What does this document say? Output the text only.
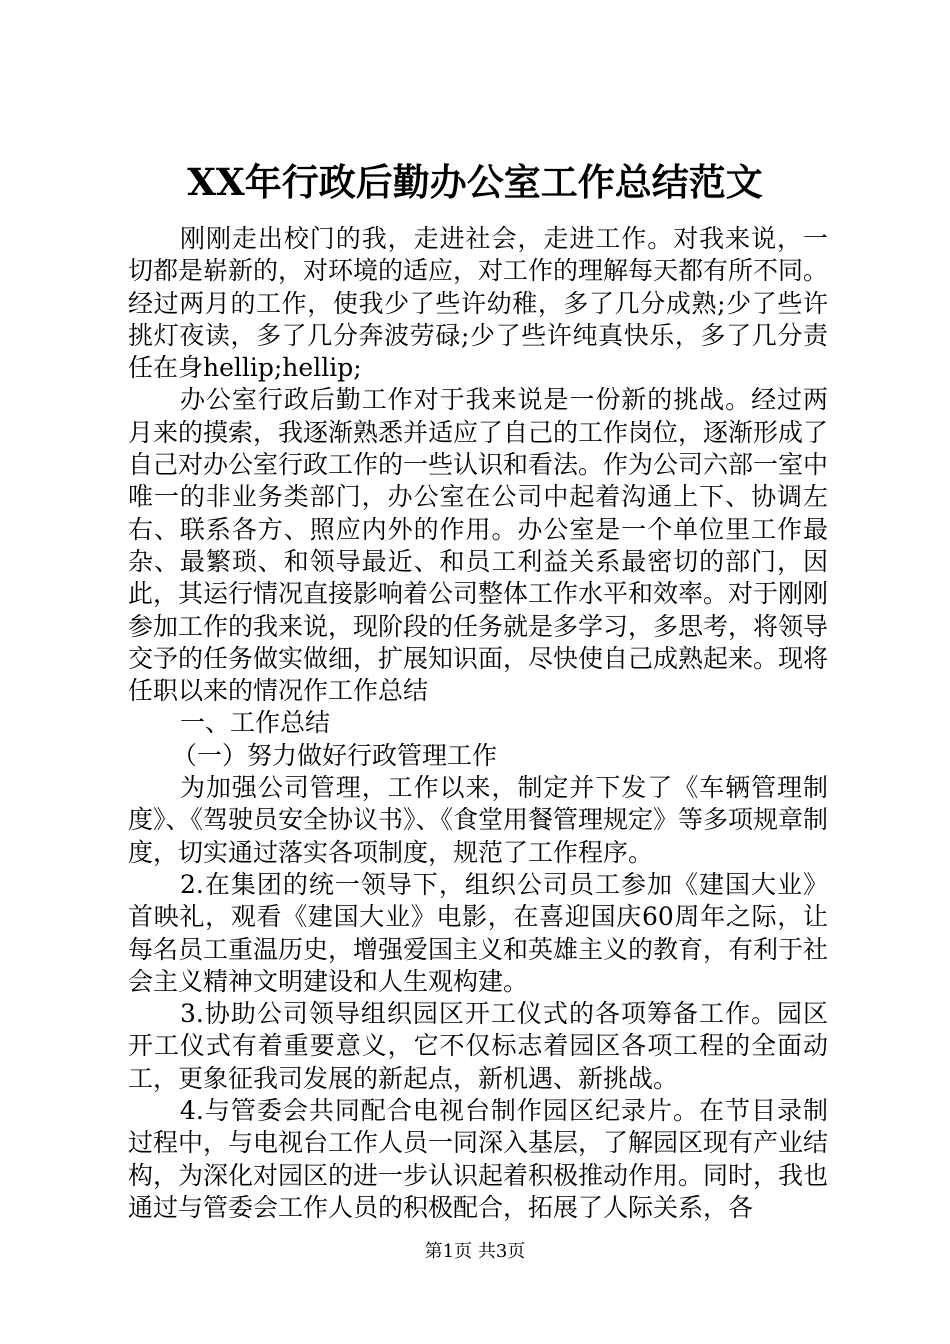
XX年行政后勤办公室工作总结范文

刚刚走出校门的我，走进社会，走进工作。对我来说，一切都是崭新的，对环境的适应，对工作的理解每天都有所不同。经过两月的工作，使我少了些许幼稚，多了几分成熟;少了些许挑灯夜读，多了几分奔波劳碌;少了些许纯真快乐，多了几分责任在身hellip;hellip;

办公室行政后勤工作对于我来说是一份新的挑战。经过两月来的摸索，我逐渐熟悉并适应了自己的工作岗位，逐渐形成了自己对办公室行政工作的一些认识和看法。作为公司六部一室中唯一的非业务类部门，办公室在公司中起着沟通上下、协调左右、联系各方、照应内外的作用。办公室是一个单位里工作最杂、最繁琐、和领导最近、和员工利益关系最密切的部门，因此，其运行情况直接影响着公司整体工作水平和效率。对于刚刚参加工作的我来说，现阶段的任务就是多学习，多思考，将领导交予的任务做实做细，扩展知识面，尽快使自己成熟起来。现将任职以来的情况作工作总结

一、工作总结

（一）努力做好行政管理工作

为加强公司管理，工作以来，制定并下发了《车辆管理制度》、《驾驶员安全协议书》、《食堂用餐管理规定》等多项规章制度，切实通过落实各项制度，规范了工作程序。

2.在集团的统一领导下，组织公司员工参加《建国大业》首映礼，观看《建国大业》电影，在喜迎国庆60周年之际，让每名员工重温历史，增强爱国主义和英雄主义的教育，有利于社会主义精神文明建设和人生观构建。

3.协助公司领导组织园区开工仪式的各项筹备工作。园区开工仪式有着重要意义，它不仅标志着园区各项工程的全面动工，更象征我司发展的新起点，新机遇、新挑战。

4.与管委会共同配合电视台制作园区纪录片。在节目录制过程中，与电视台工作人员一同深入基层，了解园区现有产业结构，为深化对园区的进一步认识起着积极推动作用。同时，我也通过与管委会工作人员的积极配合，拓展了人际关系，各

第1页 共3页
